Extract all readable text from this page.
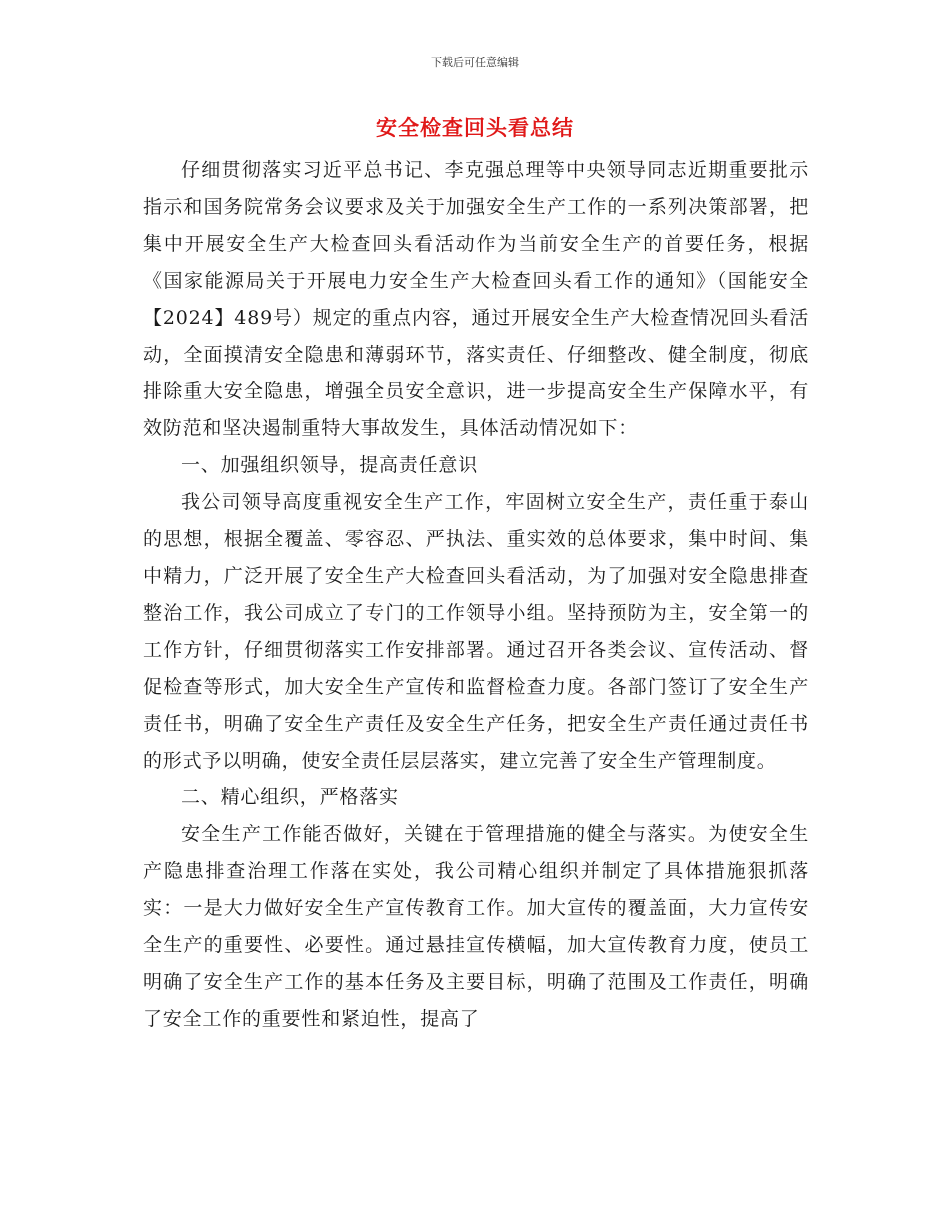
下载后可任意编辑
安全检查回头看总结

仔细贯彻落实习近平总书记、李克强总理等中央领导同志近期重要批示指示和国务院常务会议要求及关于加强安全生产工作的一系列决策部署，把集中开展安全生产大检查回头看活动作为当前安全生产的首要任务，根据《国家能源局关于开展电力安全生产大检查回头看工作的通知》（国能安全【2024】489号）规定的重点内容，通过开展安全生产大检查情况回头看活动，全面摸清安全隐患和薄弱环节，落实责任、仔细整改、健全制度，彻底排除重大安全隐患，增强全员安全意识，进一步提高安全生产保障水平，有效防范和坚决遏制重特大事故发生，具体活动情况如下：

一、加强组织领导，提高责任意识

我公司领导高度重视安全生产工作，牢固树立安全生产，责任重于泰山的思想，根据全覆盖、零容忍、严执法、重实效的总体要求，集中时间、集中精力，广泛开展了安全生产大检查回头看活动，为了加强对安全隐患排查整治工作，我公司成立了专门的工作领导小组。坚持预防为主，安全第一的工作方针，仔细贯彻落实工作安排部署。通过召开各类会议、宣传活动、督促检查等形式，加大安全生产宣传和监督检查力度。各部门签订了安全生产责任书，明确了安全生产责任及安全生产任务，把安全生产责任通过责任书的形式予以明确，使安全责任层层落实，建立完善了安全生产管理制度。

二、精心组织，严格落实

安全生产工作能否做好，关键在于管理措施的健全与落实。为使安全生产隐患排查治理工作落在实处，我公司精心组织并制定了具体措施狠抓落实：一是大力做好安全生产宣传教育工作。加大宣传的覆盖面，大力宣传安全生产的重要性、必要性。通过悬挂宣传横幅，加大宣传教育力度，使员工明确了安全生产工作的基本任务及主要目标，明确了范围及工作责任，明确了安全工作的重要性和紧迫性，提高了
